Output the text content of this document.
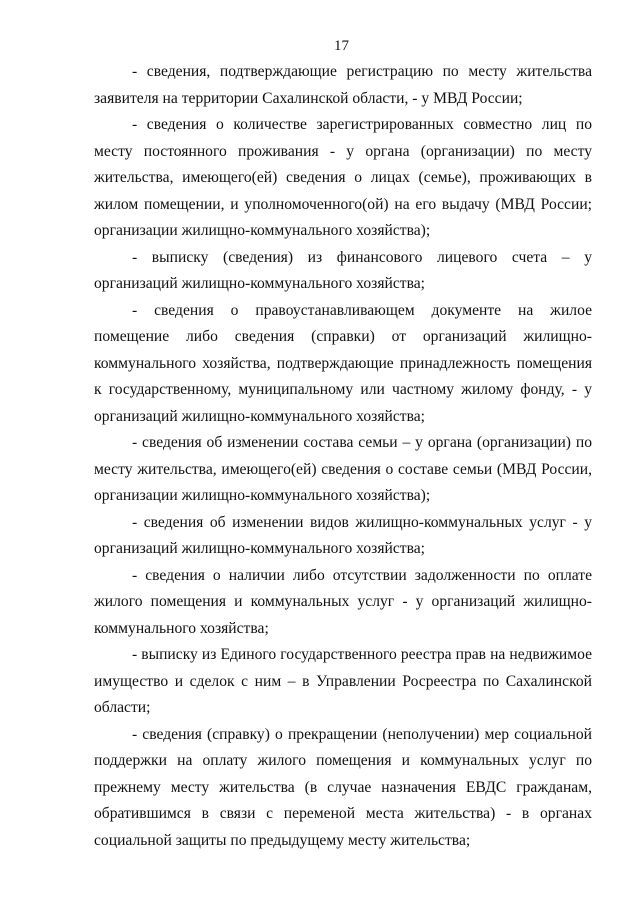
17

- сведения, подтверждающие регистрацию по месту жительства заявителя на территории Сахалинской области, - у МВД России;

- сведения о количестве зарегистрированных совместно лиц по месту постоянного проживания - у органа (организации) по месту жительства, имеющего(ей) сведения о лицах (семье), проживающих в жилом помещении, и уполномоченного(ой) на его выдачу (МВД России; организации жилищно-коммунального хозяйства);

- выписку (сведения) из финансового лицевого счета – у организаций жилищно-коммунального хозяйства;

- сведения о правоустанавливающем документе на жилое помещение либо сведения (справки) от организаций жилищно-коммунального хозяйства, подтверждающие принадлежность помещения к государственному, муниципальному или частному жилому фонду, - у организаций жилищно-коммунального хозяйства;

- сведения об изменении состава семьи – у органа (организации) по месту жительства, имеющего(ей) сведения о составе семьи (МВД России, организации жилищно-коммунального хозяйства);

- сведения об изменении видов жилищно-коммунальных услуг - у организаций жилищно-коммунального хозяйства;

- сведения о наличии либо отсутствии задолженности по оплате жилого помещения и коммунальных услуг - у организаций жилищно-коммунального хозяйства;

- выписку из Единого государственного реестра прав на недвижимое имущество и сделок с ним – в Управлении Росреестра по Сахалинской области;

- сведения (справку) о прекращении (неполучении) мер социальной поддержки на оплату жилого помещения и коммунальных услуг по прежнему месту жительства (в случае назначения ЕВДС гражданам, обратившимся в связи с переменой места жительства) - в органах социальной защиты по предыдущему месту жительства;
